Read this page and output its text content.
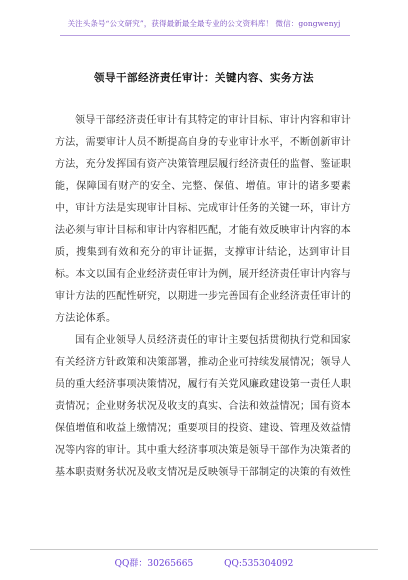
关注头条号“公文研究”，获得最新最全最专业的公文资料库！ 微信：gongwenyj
领导干部经济责任审计：关键内容、实务方法

领导干部经济责任审计有其特定的审计目标、审计内容和审计方法，需要审计人员不断提高自身的专业审计水平，不断创新审计方法，充分发挥国有资产决策管理层履行经济责任的监督、鉴证职能，保障国有财产的安全、完整、保值、增值。审计的诸多要素中，审计方法是实现审计目标、完成审计任务的关键一环，审计方法必须与审计目标和审计内容相匹配，才能有效反映审计内容的本质，搜集到有效和充分的审计证据，支撑审计结论，达到审计目标。本文以国有企业经济责任审计为例，展开经济责任审计内容与审计方法的匹配性研究，以期进一步完善国有企业经济责任审计的方法论体系。

国有企业领导人员经济责任的审计主要包括贯彻执行党和国家有关经济方针政策和决策部署，推动企业可持续发展情况；领导人员的重大经济事项决策情况，履行有关党风廉政建设第一责任人职责情况；企业财务状况及收支的真实、合法和效益情况；国有资本保值增值和收益上缴情况；重要项目的投资、建设、管理及效益情况等内容的审计。其中重大经济事项决策是领导干部作为决策者的基本职责财务状况及收支情况是反映领导干部制定的决策的有效性

QQ群：30265665	QQ:535304092
